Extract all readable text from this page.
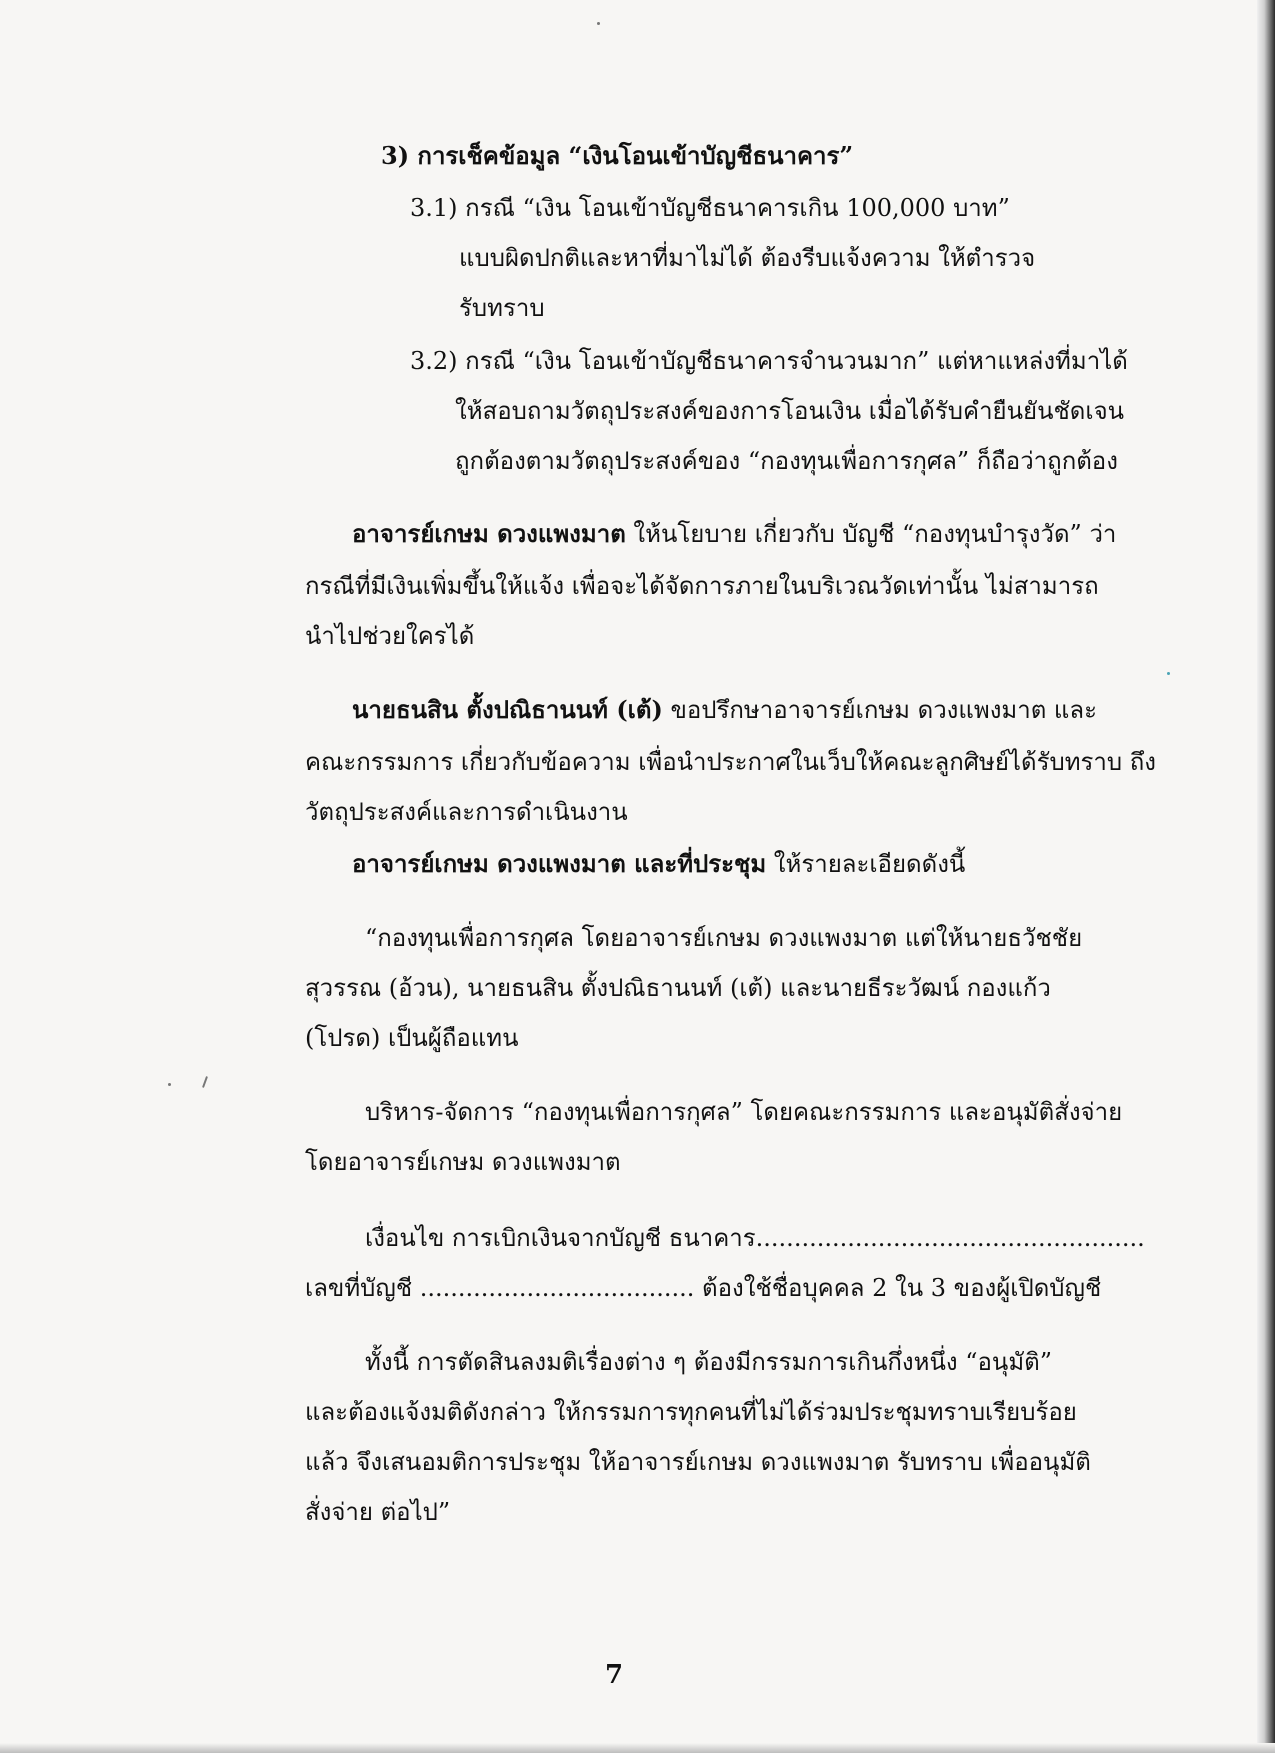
3) การเช็คข้อมูล “เงินโอนเข้าบัญชีธนาคาร”
3.1) กรณี “เงิน โอนเข้าบัญชีธนาคารเกิน 100,000 บาท”
แบบผิดปกติและหาที่มาไม่ได้ ต้องรีบแจ้งความ ให้ตำรวจ
รับทราบ
3.2) กรณี “เงิน โอนเข้าบัญชีธนาคารจำนวนมาก” แต่หาแหล่งที่มาได้
ให้สอบถามวัตถุประสงค์ของการโอนเงิน เมื่อได้รับคำยืนยันชัดเจน
ถูกต้องตามวัตถุประสงค์ของ “กองทุนเพื่อการกุศล” ก็ถือว่าถูกต้อง
อาจารย์เกษม ดวงแพงมาต ให้นโยบาย เกี่ยวกับ บัญชี “กองทุนบำรุงวัด” ว่า
กรณีที่มีเงินเพิ่มขึ้นให้แจ้ง เพื่อจะได้จัดการภายในบริเวณวัดเท่านั้น ไม่สามารถ
นำไปช่วยใครได้
นายธนสิน ตั้งปณิธานนท์ (เต้) ขอปรึกษาอาจารย์เกษม ดวงแพงมาต และ
คณะกรรมการ เกี่ยวกับข้อความ เพื่อนำประกาศในเว็บให้คณะลูกศิษย์ได้รับทราบ ถึง
วัตถุประสงค์และการดำเนินงาน
อาจารย์เกษม ดวงแพงมาต และที่ประชุม ให้รายละเอียดดังนี้
“กองทุนเพื่อการกุศล โดยอาจารย์เกษม ดวงแพงมาต แต่ให้นายธวัชชัย
สุวรรณ (อ้วน), นายธนสิน ตั้งปณิธานนท์ (เต้) และนายธีระวัฒน์ กองแก้ว
(โปรด) เป็นผู้ถือแทน
บริหาร-จัดการ “กองทุนเพื่อการกุศล” โดยคณะกรรมการ และอนุมัติสั่งจ่าย
โดยอาจารย์เกษม ดวงแพงมาต
เงื่อนไข การเบิกเงินจากบัญชี ธนาคาร...................................................
เลขที่บัญชี .................................... ต้องใช้ชื่อบุคคล 2 ใน 3 ของผู้เปิดบัญชี
ทั้งนี้ การตัดสินลงมติเรื่องต่าง ๆ ต้องมีกรรมการเกินกึ่งหนึ่ง “อนุมัติ”
และต้องแจ้งมติดังกล่าว ให้กรรมการทุกคนที่ไม่ได้ร่วมประชุมทราบเรียบร้อย
แล้ว จึงเสนอมติการประชุม ให้อาจารย์เกษม ดวงแพงมาต รับทราบ เพื่ออนุมัติ
สั่งจ่าย ต่อไป”
7
